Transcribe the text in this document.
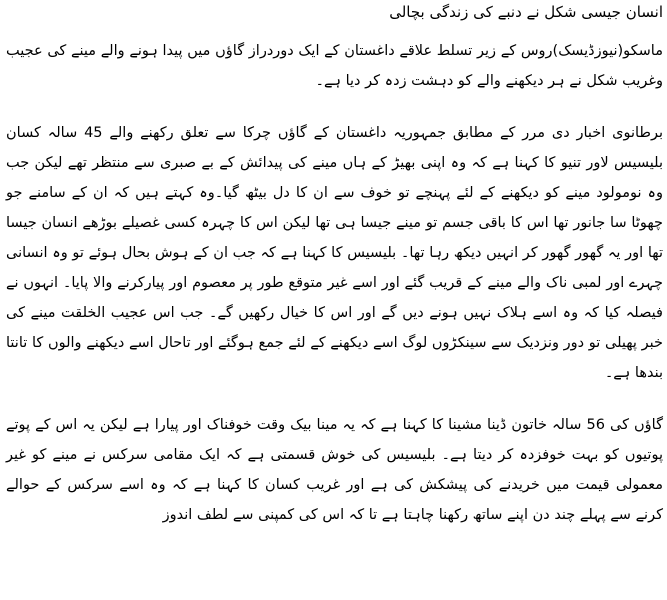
انسان جیسی شکل نے دنبے کی زندگی بچالی

ماسکو(نیوزڈیسک)روس کے زیر تسلط علاقے داغستان کے ایک دوردراز گاؤں میں پیدا ہونے والے مینے کی عجیب وغریب شکل نے ہر دیکھنے والے کو دہشت زدہ کر دیا ہے۔

برطانوی اخبار دی مرر کے مطابق جمہوریہ داغستان کے گاؤں چرکا سے تعلق رکھنے والے 45 سالہ کسان بلیسیس لاور تنیو کا کہنا ہے کہ وہ اپنی بھیڑ کے ہاں مینے کی پیدائش کے بے صبری سے منتظر تھے لیکن جب وہ نومولود مینے کو دیکھنے کے لئے پہنچے تو خوف سے ان کا دل بیٹھ گیا۔وہ کہتے ہیں کہ ان کے سامنے جو چھوٹا سا جانور تھا اس کا باقی جسم تو مینے جیسا ہی تھا لیکن اس کا چہرہ کسی غصیلے بوڑھے انسان جیسا تھا اور یہ گھور گھور کر انہیں دیکھ رہا تھا۔ بلیسیس کا کہنا ہے کہ جب ان کے ہوش بحال ہوئے تو وہ انسانی چہرے اور لمبی ناک والے مینے کے قریب گئے اور اسے غیر متوقع طور پر معصوم اور پیارکرنے والا پایا۔ انہوں نے فیصلہ کیا کہ وہ اسے ہلاک نہیں ہونے دیں گے اور اس کا خیال رکھیں گے۔ جب اس عجیب الخلقت مینے کی خبر پھیلی تو دور ونزدیک سے سینکڑوں لوگ اسے دیکھنے کے لئے جمع ہوگئے اور تاحال اسے دیکھنے والوں کا تانتا بندھا ہے۔

گاؤں کی 56 سالہ خاتون ڈینا مشینا کا کہنا ہے کہ یہ مینا بیک وقت خوفناک اور پیارا ہے لیکن یہ اس کے پوتے پوتیوں کو بہت خوفزدہ کر دیتا ہے۔ بلیسیس کی خوش قسمتی ہے کہ ایک مقامی سرکس نے مینے کو غیر معمولی قیمت میں خریدنے کی پیشکش کی ہے اور غریب کسان کا کہنا ہے کہ وہ اسے سرکس کے حوالے کرنے سے پہلے چند دن اپنے ساتھ رکھنا چاہتا ہے تا کہ اس کی کمپنی سے لطف اندوز
